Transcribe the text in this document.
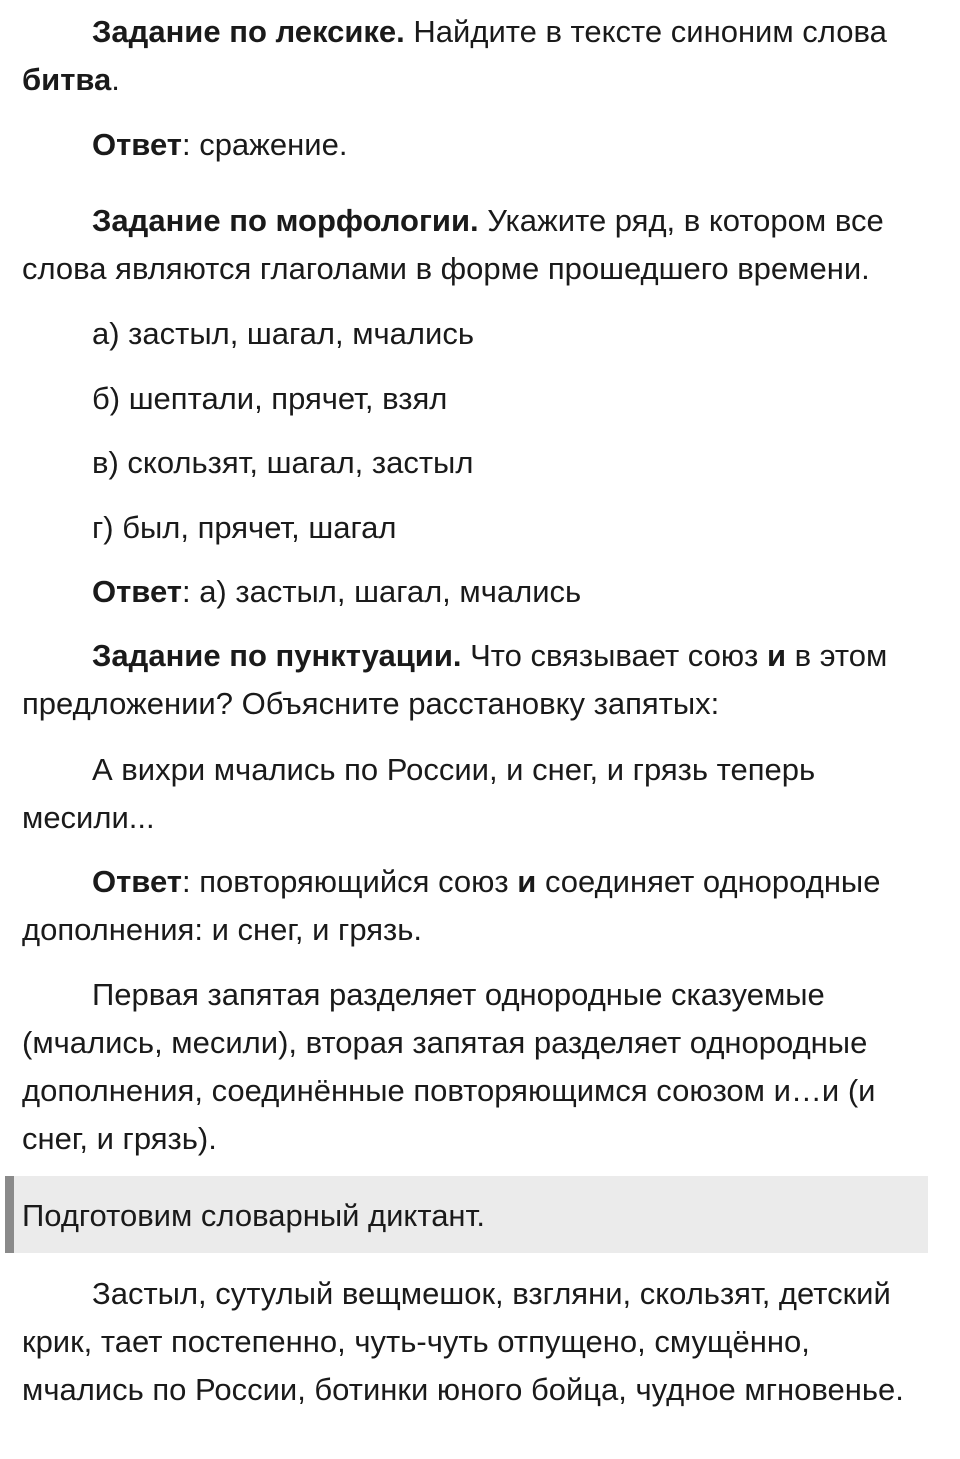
Задание по лексике. Найдите в тексте синоним слова
битва.

Ответ: сражение.

Задание по морфологии. Укажите ряд, в котором все слова являются глаголами в форме прошедшего времени.

а) застыл, шагал, мчались

б) шептали, прячет, взял

в) скользят, шагал, застыл

г) был, прячет, шагал

Ответ: а) застыл, шагал, мчались

Задание по пунктуации. Что связывает союз и в этом предложении? Объясните расстановку запятых:

А вихри мчались по России, и снег, и грязь теперь месили...

Ответ: повторяющийся союз и соединяет однородные дополнения: и снег, и грязь.

Первая запятая разделяет однородные сказуемые (мчались, месили), вторая запятая разделяет однородные дополнения, соединённые повторяющимся союзом и…и (и снег, и грязь).

Подготовим словарный диктант.

Застыл, сутулый вещмешок, взгляни, скользят, детский крик, тает постепенно, чуть-чуть отпущено, смущённо, мчались по России, ботинки юного бойца, чудное мгновенье.
